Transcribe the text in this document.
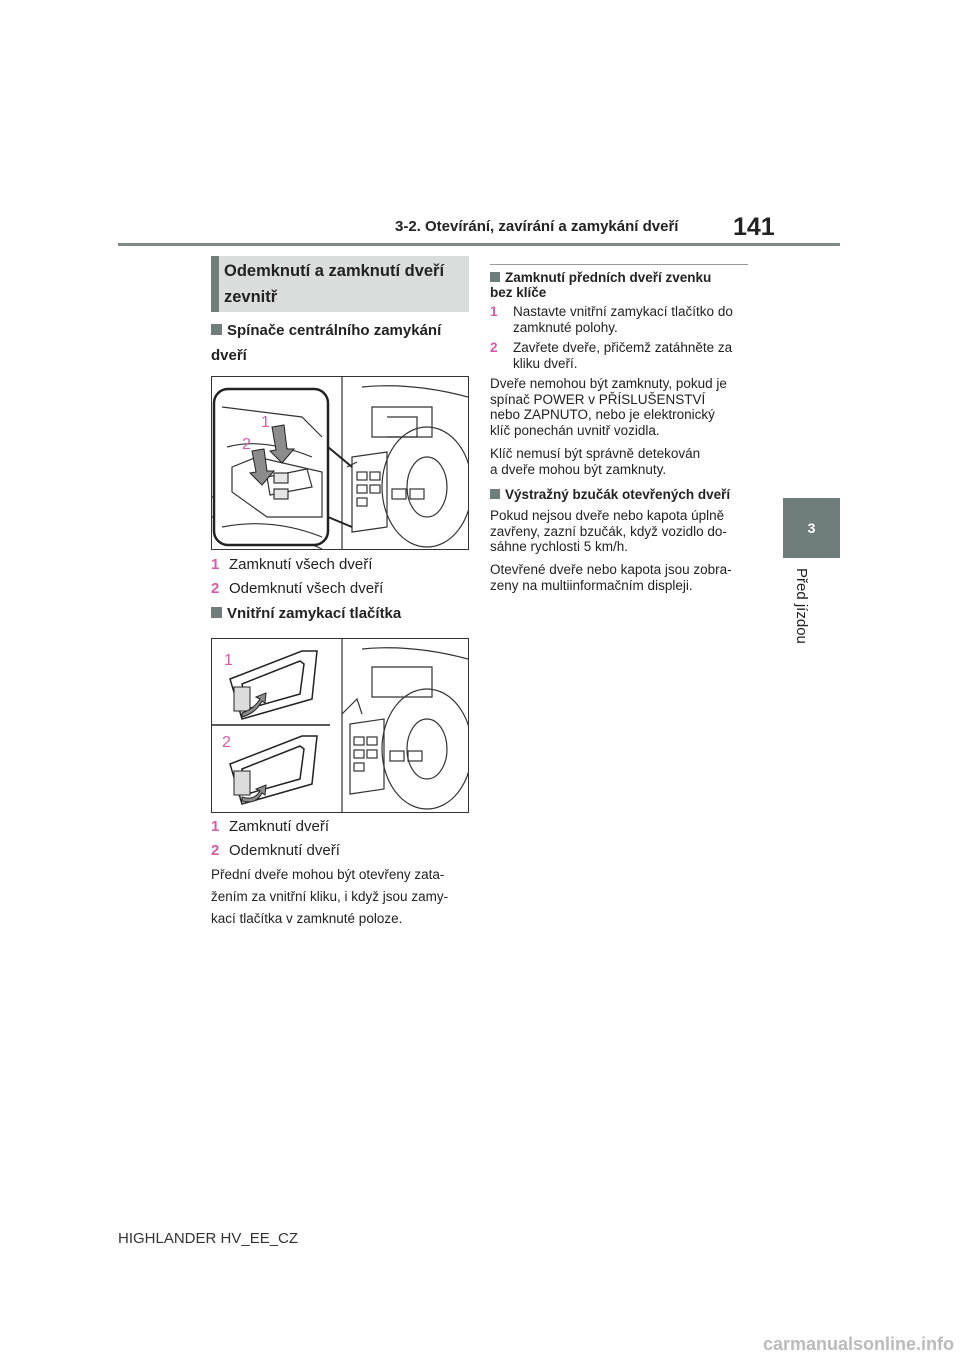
3-2. Otevírání, zavírání a zamykání dveří 141
3
Před jízdou
Odemknutí a zamknutí dveří zevnitř
Spínače centrálního zamykání dveří
1
2
1 Zamknutí všech dveří
2 Odemknutí všech dveří
Vnitřní zamykací tlačítka
1
2
1 Zamknutí dveří
2 Odemknutí dveří
Přední dveře mohou být otevřeny zata-
žením za vnitřní kliku, i když jsou zamy-
kací tlačítka v zamknuté poloze.
Zamknutí předních dveří zvenku
bez klíče
1	Nastavte vnitřní zamykací tlačítko do
zamknuté polohy.
2	Zavřete dveře, přičemž zatáhněte za
kliku dveří.
Dveře nemohou být zamknuty, pokud je
spínač POWER v PŘÍSLUŠENSTVÍ
nebo ZAPNUTO, nebo je elektronický
klíč ponechán uvnitř vozidla.
Klíč nemusí být správně detekován
a dveře mohou být zamknuty.
Výstražný bzučák otevřených dveří
Pokud nejsou dveře nebo kapota úplně
zavřeny, zazní bzučák, když vozidlo do-
sáhne rychlosti 5 km/h.
Otevřené dveře nebo kapota jsou zobra-
zeny na multiinformačním displeji.
HIGHLANDER HV_EE_CZ
carmanualsonline.info
